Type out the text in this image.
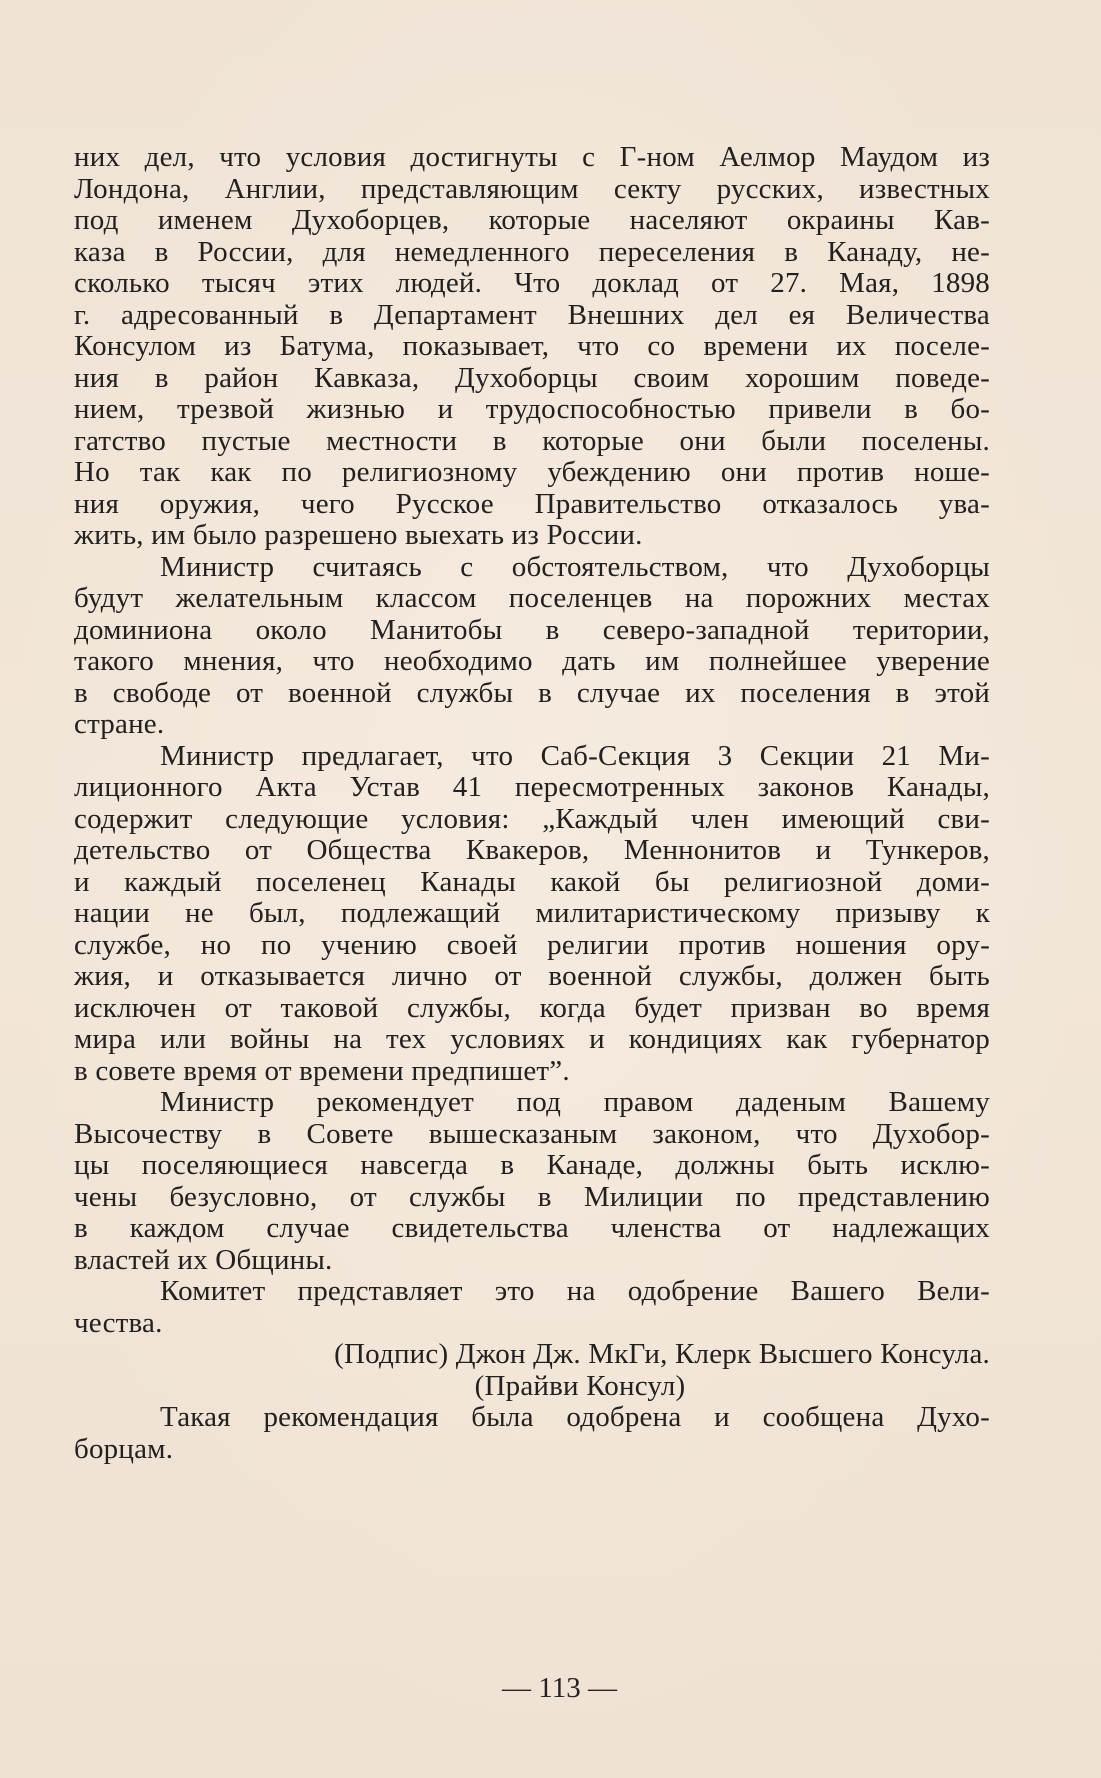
них дел, что условия достигнуты с Г-ном Аелмор Маудом из
Лондона, Англии, представляющим секту русских, известных
под именем Духоборцев, которые населяют окраины Кав-
каза в России, для немедленного переселения в Канаду, не-
сколько тысяч этих людей. Что доклад от 27. Мая, 1898
г. адресованный в Департамент Внешних дел ея Величества
Консулом из Батума, показывает, что со времени их поселе-
ния в район Кавказа, Духоборцы своим хорошим поведе-
нием, трезвой жизнью и трудоспособностью привели в бо-
гатство пустые местности в которые они были поселены.
Но так как по религиозному убеждению они против ноше-
ния оружия, чего Русское Правительство отказалось ува-
жить, им было разрешено выехать из России.
Министр считаясь с обстоятельством, что Духоборцы
будут желательным классом поселенцев на порожних местах
доминиона около Манитобы в северо-западной територии,
такого мнения, что необходимо дать им полнейшее уверение
в свободе от военной службы в случае их поселения в этой
стране.
Министр предлагает, что Саб-Секция 3 Секции 21 Ми-
лиционного Акта Устав 41 пересмотренных законов Канады,
содержит следующие условия: „Каждый член имеющий сви-
детельство от Общества Квакеров, Меннонитов и Тункеров,
и каждый поселенец Канады какой бы религиозной доми-
нации не был, подлежащий милитаристическому призыву к
службе, но по учению своей религии против ношения ору-
жия, и отказывается лично от военной службы, должен быть
исключен от таковой службы, когда будет призван во время
мира или войны на тех условиях и кондициях как губернатор
в совете время от времени предпишет”.
Министр рекомендует под правом даденым Вашему
Высочеству в Совете вышесказаным законом, что Духобор-
цы поселяющиеся навсегда в Канаде, должны быть исклю-
чены безусловно, от службы в Милиции по представлению
в каждом случае свидетельства членства от надлежащих
властей их Общины.
Комитет представляет это на одобрение Вашего Вели-
чества.
(Подпис) Джон Дж. МкГи, Клерк Высшего Консула.
(Прайви Консул)
Такая рекомендация была одобрена и сообщена Духо-
борцам.
— 113 —
